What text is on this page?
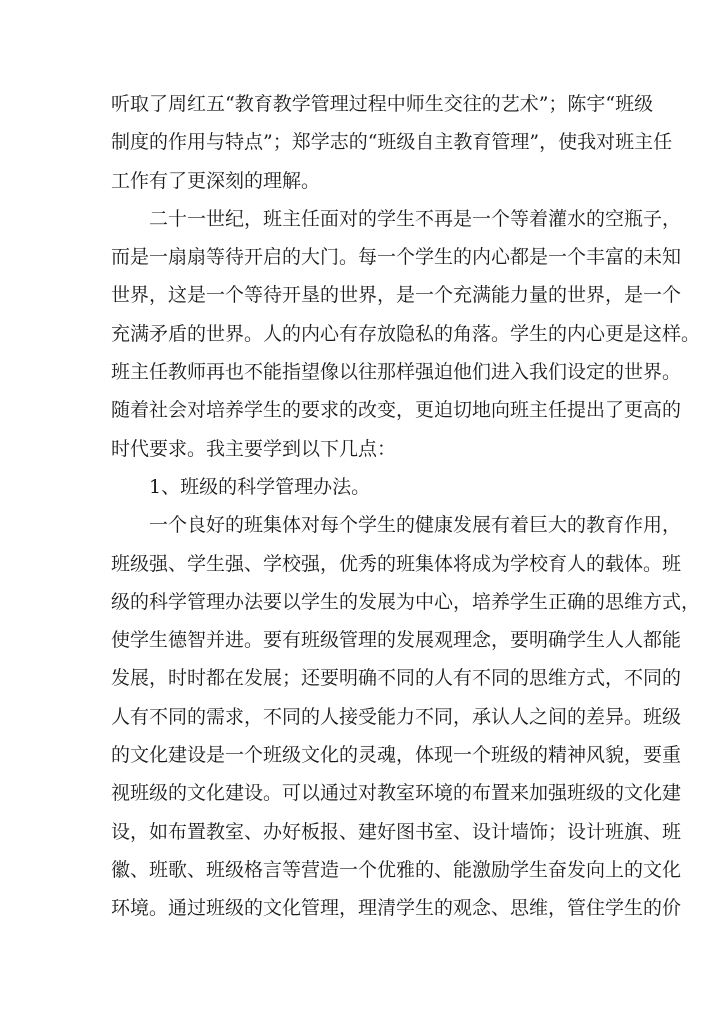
听取了周红五“教育教学管理过程中师生交往的艺术”；陈宇“班级
制度的作用与特点”；郑学志的“班级自主教育管理”，使我对班主任
工作有了更深刻的理解。
二十一世纪，班主任面对的学生不再是一个等着灌水的空瓶子，
而是一扇扇等待开启的大门。每一个学生的内心都是一个丰富的未知
世界，这是一个等待开垦的世界，是一个充满能力量的世界，是一个
充满矛盾的世界。人的内心有存放隐私的角落。学生的内心更是这样。
班主任教师再也不能指望像以往那样强迫他们进入我们设定的世界。
随着社会对培养学生的要求的改变，更迫切地向班主任提出了更高的
时代要求。我主要学到以下几点：
1、班级的科学管理办法。
一个良好的班集体对每个学生的健康发展有着巨大的教育作用，
班级强、学生强、学校强，优秀的班集体将成为学校育人的载体。班
级的科学管理办法要以学生的发展为中心，培养学生正确的思维方式，
使学生德智并进。要有班级管理的发展观理念，要明确学生人人都能
发展，时时都在发展；还要明确不同的人有不同的思维方式，不同的
人有不同的需求，不同的人接受能力不同，承认人之间的差异。班级
的文化建设是一个班级文化的灵魂，体现一个班级的精神风貌，要重
视班级的文化建设。可以通过对教室环境的布置来加强班级的文化建
设，如布置教室、办好板报、建好图书室、设计墙饰；设计班旗、班
徽、班歌、班级格言等营造一个优雅的、能激励学生奋发向上的文化
环境。通过班级的文化管理，理清学生的观念、思维，管住学生的价
